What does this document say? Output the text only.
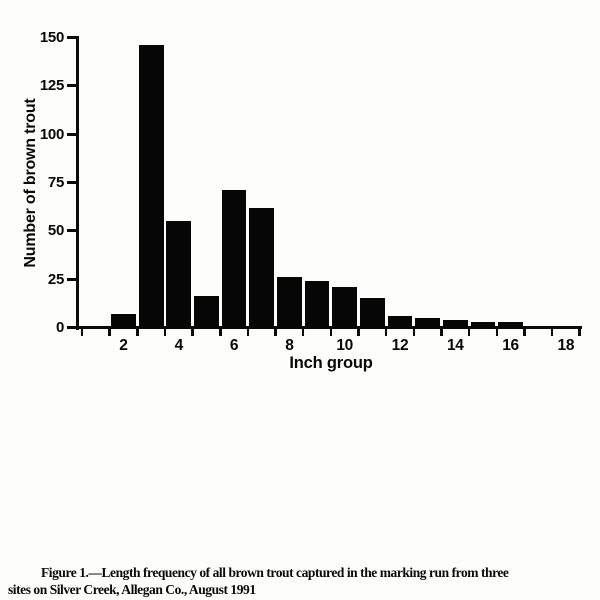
Number of brown trout
Inch group
0
25
50
75
100
125
150
2	4	6	8	10	12	14	16	18

Figure 1.—Length frequency of all brown trout captured in the marking run from three
sites on Silver Creek, Allegan Co., August 1991
